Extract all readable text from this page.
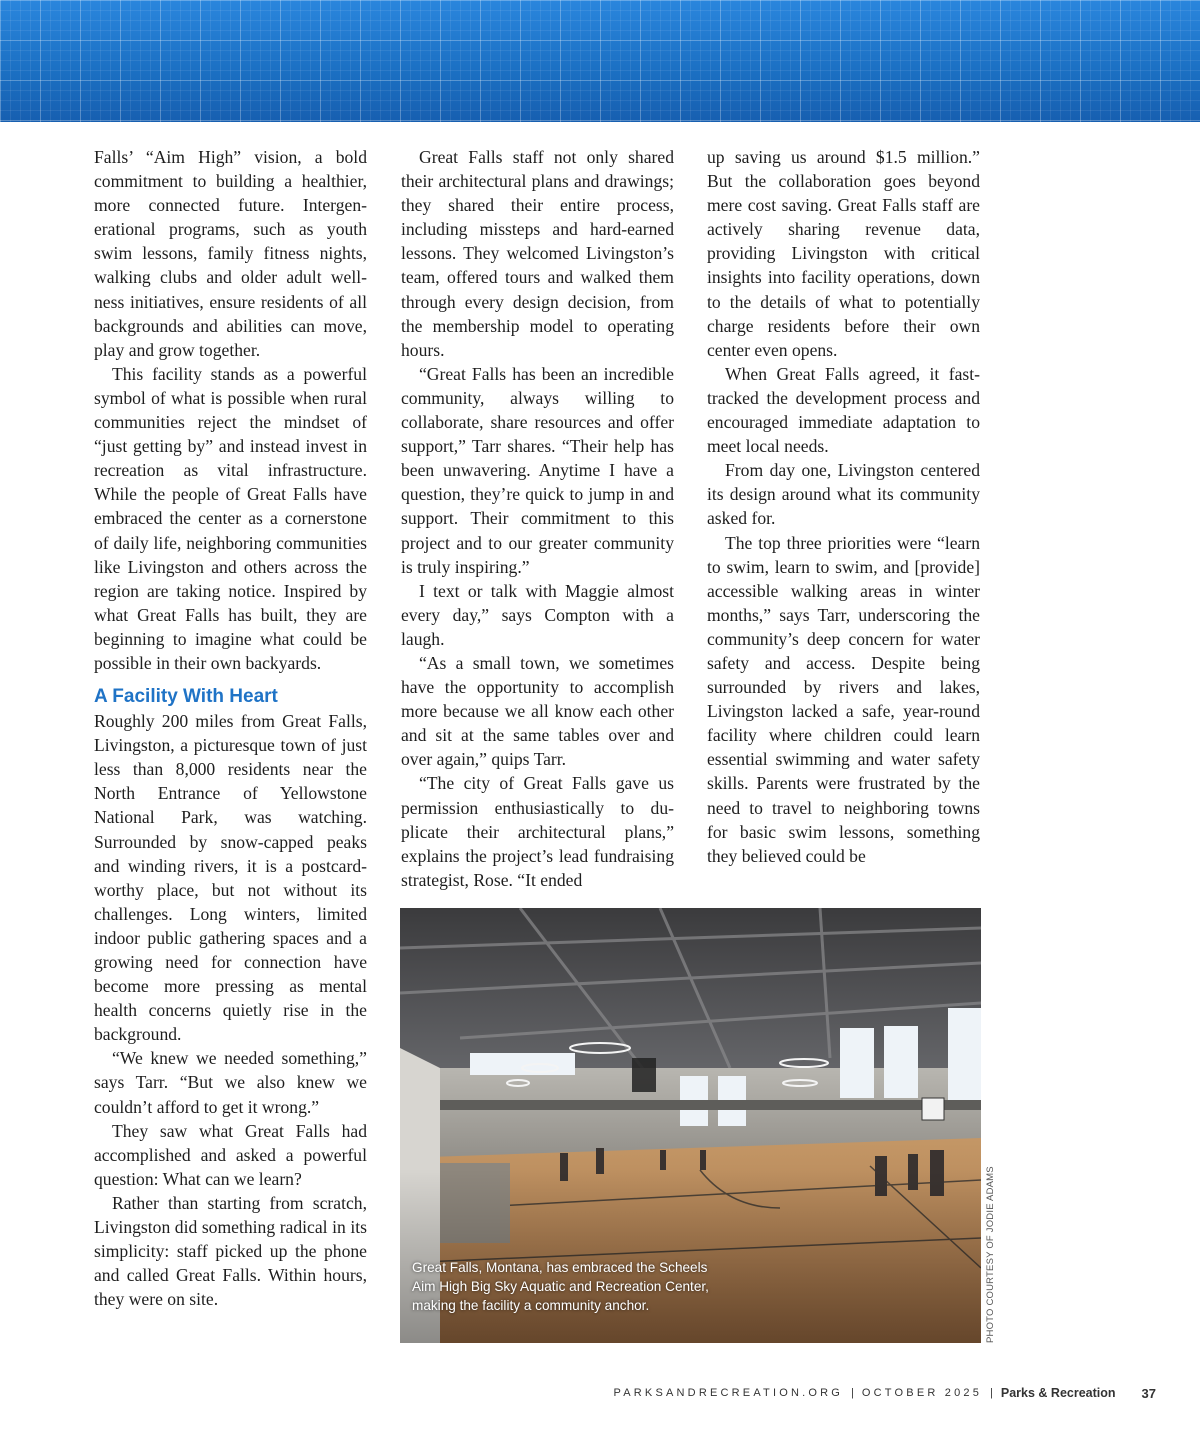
Falls’ “Aim High” vision, a bold commitment to building a healthier, more connected future. Intergenerational programs, such as youth swim lessons, family fitness nights, walking clubs and older adult wellness initiatives, ensure residents of all backgrounds and abilities can move, play and grow together.

This facility stands as a powerful symbol of what is possible when rural communities reject the mindset of “just getting by” and instead invest in recreation as vital infrastructure. While the people of Great Falls have embraced the center as a cornerstone of daily life, neighboring communities like Livingston and others across the region are taking notice. Inspired by what Great Falls has built, they are beginning to imagine what could be possible in their own backyards.

A Facility With Heart

Roughly 200 miles from Great Falls, Livingston, a picturesque town of just less than 8,000 residents near the North Entrance of Yellowstone National Park, was watching. Surrounded by snow-capped peaks and winding rivers, it is a postcard-worthy place, but not without its challenges. Long winters, limited indoor public gathering spaces and a growing need for connection have become more pressing as mental health concerns quietly rise in the background.

“We knew we needed something,” says Tarr. “But we also knew we couldn’t afford to get it wrong.”

They saw what Great Falls had accomplished and asked a powerful question: What can we learn?

Rather than starting from scratch, Livingston did something radical in its simplicity: staff picked up the phone and called Great Falls. Within hours, they were on site.

Great Falls staff not only shared their architectural plans and drawings; they shared their entire process, including missteps and hard-earned lessons. They welcomed Livingston’s team, offered tours and walked them through every design decision, from the membership model to operating hours.

“Great Falls has been an incredible community, always willing to collaborate, share resources and offer support,” Tarr shares. “Their help has been unwavering. Anytime I have a question, they’re quick to jump in and support. Their commitment to this project and to our greater community is truly inspiring.”

I text or talk with Maggie almost every day,” says Compton with a laugh.

“As a small town, we sometimes have the opportunity to accomplish more because we all know each other and sit at the same tables over and over again,” quips Tarr.

“The city of Great Falls gave us permission enthusiastically to duplicate their architectural plans,” explains the project’s lead fundraising strategist, Rose. “It ended

up saving us around $1.5 million.” But the collaboration goes beyond mere cost saving. Great Falls staff are actively sharing revenue data, providing Livingston with critical insights into facility operations, down to the details of what to potentially charge residents before their own center even opens.

When Great Falls agreed, it fast-tracked the development process and encouraged immediate adaptation to meet local needs.

From day one, Livingston centered its design around what its community asked for.

The top three priorities were “learn to swim, learn to swim, and [provide] accessible walking areas in winter months,” says Tarr, underscoring the community’s deep concern for water safety and access. Despite being surrounded by rivers and lakes, Livingston lacked a safe, year-round facility where children could learn essential swimming and water safety skills. Parents were frustrated by the need to travel to neighboring towns for basic swim lessons, something they believed could be

Great Falls, Montana, has embraced the Scheels Aim High Big Sky Aquatic and Recreation Center, making the facility a community anchor.	PHOTO COURTESY OF JODIE ADAMS
PARKSANDRECREATION.ORG | OCTOBER 2025 | Parks & Recreation 37
